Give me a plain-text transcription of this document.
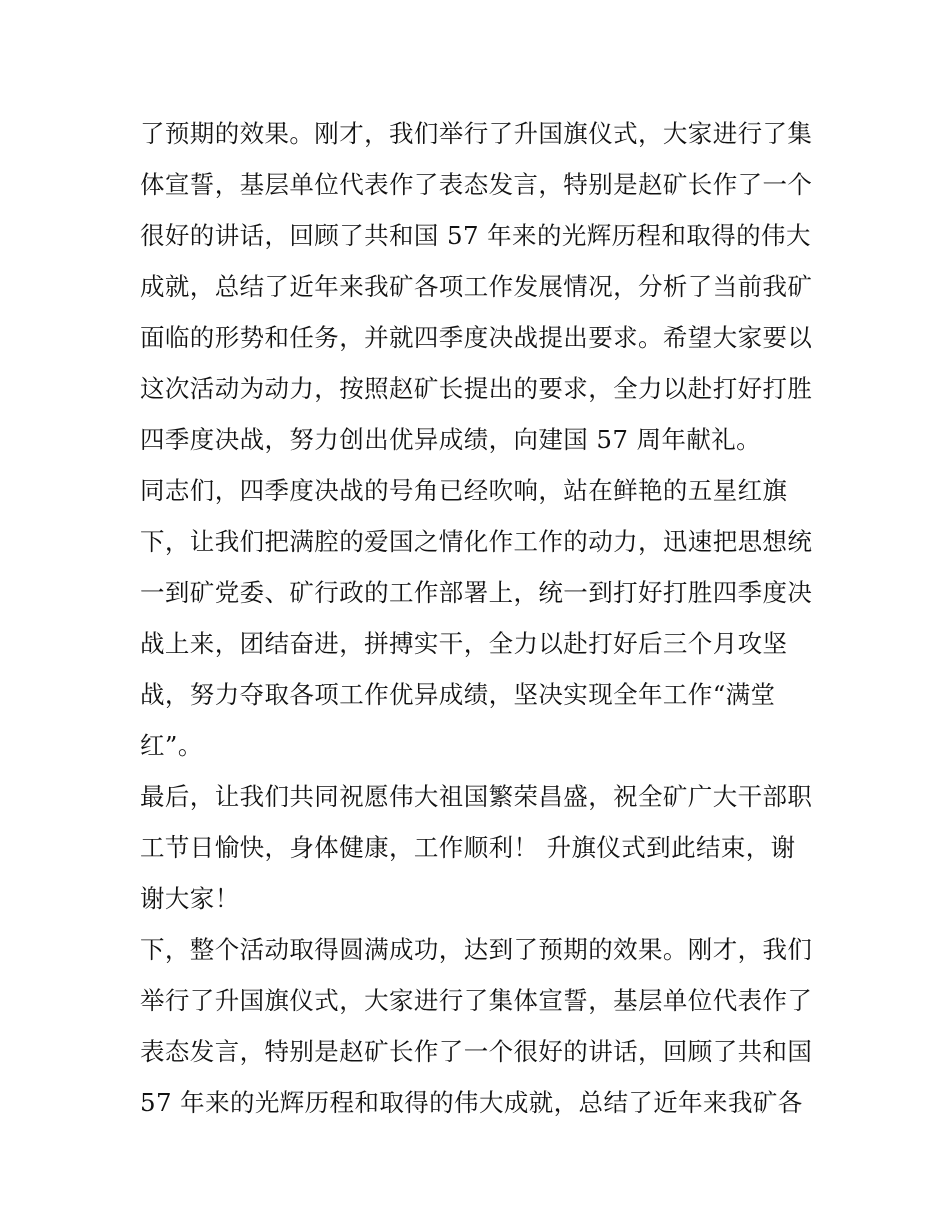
了预期的效果。刚才，我们举行了升国旗仪式，大家进行了集
体宣誓，基层单位代表作了表态发言，特别是赵矿长作了一个
很好的讲话，回顾了共和国 57 年来的光辉历程和取得的伟大
成就，总结了近年来我矿各项工作发展情况，分析了当前我矿
面临的形势和任务，并就四季度决战提出要求。希望大家要以
这次活动为动力，按照赵矿长提出的要求，全力以赴打好打胜
四季度决战，努力创出优异成绩，向建国 57 周年献礼。
同志们，四季度决战的号角已经吹响，站在鲜艳的五星红旗
下，让我们把满腔的爱国之情化作工作的动力，迅速把思想统
一到矿党委、矿行政的工作部署上，统一到打好打胜四季度决
战上来，团结奋进，拼搏实干，全力以赴打好后三个月攻坚
战，努力夺取各项工作优异成绩，坚决实现全年工作“满堂
红”。
最后，让我们共同祝愿伟大祖国繁荣昌盛，祝全矿广大干部职
工节日愉快，身体健康，工作顺利！ 升旗仪式到此结束，谢
谢大家！
下，整个活动取得圆满成功，达到了预期的效果。刚才，我们
举行了升国旗仪式，大家进行了集体宣誓，基层单位代表作了
表态发言，特别是赵矿长作了一个很好的讲话，回顾了共和国
57 年来的光辉历程和取得的伟大成就，总结了近年来我矿各
